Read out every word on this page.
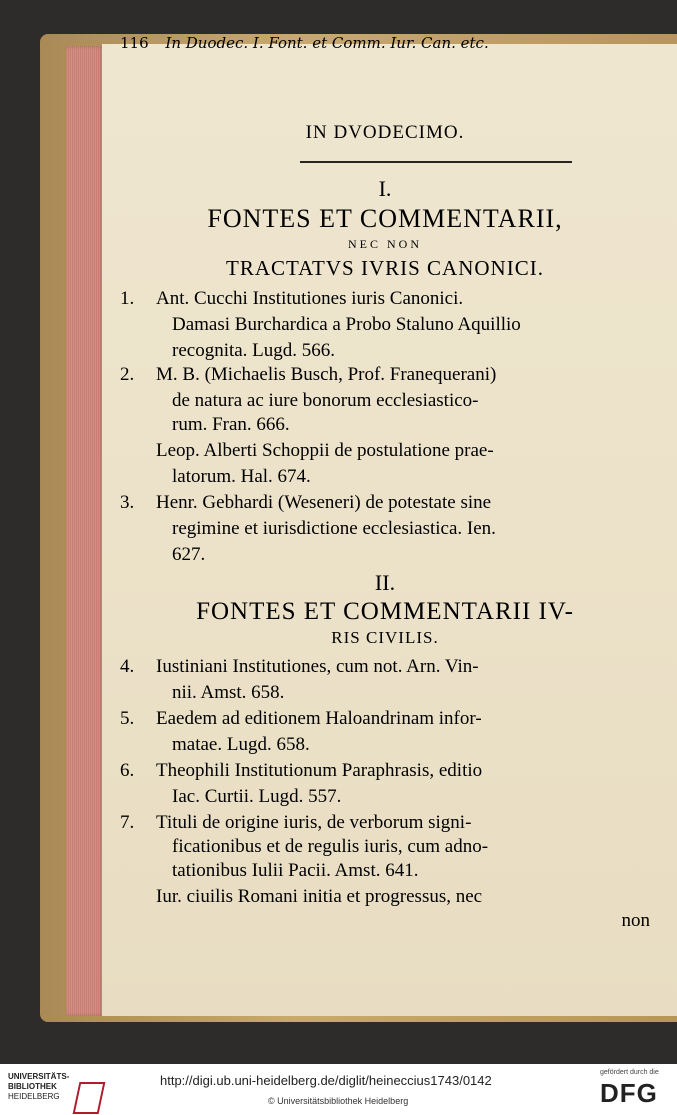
116 In Duodec. I. Font. et Comm. Iur. Can. etc.
IN DVODECIMO.
I.
FONTES ET COMMENTARII,
NEC NON
TRACTATVS IVRIS CANONICI.
1. Ant. Cucchi Institutiones iuris Canonici.
Damasi Burchardica a Probo Staluno Aquillio
recognita. Lugd. 566.
2. M. B. (Michaelis Busch, Prof. Franequerani)
de natura ac iure bonorum ecclesiastico-
rum. Fran. 666.
Leop. Alberti Schoppii de postulatione prae-
latorum. Hal. 674.
3. Henr. Gebhardi (Weseneri) de potestate sine
regimine et iurisdictione ecclesiastica. Ien.
627.
II.
FONTES ET COMMENTARII IV-
RIS CIVILIS.
4. Iustiniani Institutiones, cum not. Arn. Vin-
nii. Amst. 658.
5. Eaedem ad editionem Haloandrinam infor-
matae. Lugd. 658.
6. Theophili Institutionum Paraphrasis, editio
Iac. Curtii. Lugd. 557.
7. Tituli de origine iuris, de verborum signi-
ficationibus et de regulis iuris, cum adno-
tationibus Iulii Pacii. Amst. 641.
Iur. ciuilis Romani initia et progressus, nec
non
UNIVERSITÄTS-
BIBLIOTHEK
HEIDELBERG
http://digi.ub.uni-heidelberg.de/diglit/heineccius1743/0142
© Universitätsbibliothek Heidelberg
gefördert durch die
DFG
